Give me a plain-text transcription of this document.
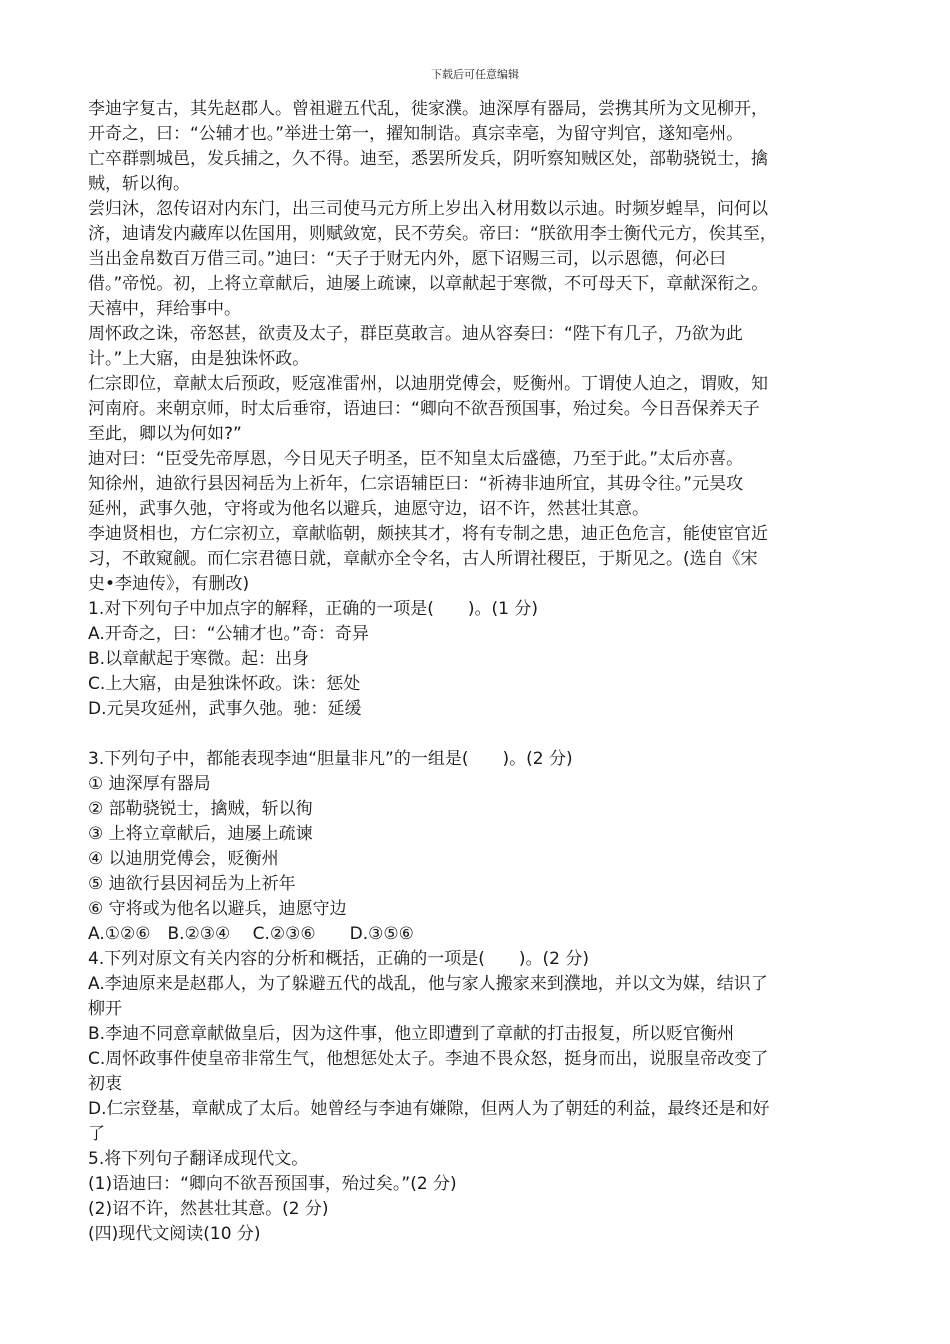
下载后可任意编辑

李迪字复古，其先赵郡人。曾祖避五代乱，徙家濮。迪深厚有器局，尝携其所为文见柳开，

开奇之，曰：“公辅才也。”举进士第一，擢知制诰。真宗幸亳，为留守判官，遂知亳州。

亡卒群剽城邑，发兵捕之，久不得。迪至，悉罢所发兵，阴听察知贼区处，部勒骁锐士，擒

贼，斩以徇。

尝归沐，忽传诏对内东门，出三司使马元方所上岁出入材用数以示迪。时频岁蝗旱，问何以

济，迪请发内藏库以佐国用，则赋敛宽，民不劳矣。帝曰：“朕欲用李士衡代元方，俟其至，

当出金帛数百万借三司。”迪曰：“天子于财无内外，愿下诏赐三司，以示恩德，何必曰

借。”帝悦。初，上将立章献后，迪屡上疏谏，以章献起于寒微，不可母天下，章献深衔之。

天禧中，拜给事中。

周怀政之诛，帝怒甚，欲责及太子，群臣莫敢言。迪从容奏曰：“陛下有几子，乃欲为此

计。”上大寤，由是独诛怀政。

仁宗即位，章献太后预政，贬寇准雷州，以迪朋党傅会，贬衡州。丁谓使人迫之，谓败，知

河南府。来朝京师，时太后垂帘，语迪曰：“卿向不欲吾预国事，殆过矣。今日吾保养天子

至此，卿以为何如?”

迪对曰：“臣受先帝厚恩，今日见天子明圣，臣不知皇太后盛德，乃至于此。”太后亦喜。

知徐州，迪欲行县因祠岳为上祈年，仁宗语辅臣曰：“祈祷非迪所宜，其毋令往。”元昊攻

延州，武事久弛，守将或为他名以避兵，迪愿守边，诏不许，然甚壮其意。

李迪贤相也，方仁宗初立，章献临朝，颇挟其才，将有专制之患，迪正色危言，能使宦官近

习，不敢窥觎。而仁宗君德日就，章献亦全令名，古人所谓社稷臣，于斯见之。(选自《宋

史•李迪传》，有删改)

1.对下列句子中加点字的解释，正确的一项是(　　)。(1 分)

A.开奇之，曰：“公辅才也。”奇：奇异

B.以章献起于寒微。起：出身

C.上大寤，由是独诛怀政。诛：惩处

D.元昊攻延州，武事久弛。驰：延缓

3.下列句子中，都能表现李迪“胆量非凡”的一组是(　　)。(2 分)

① 迪深厚有器局

② 部勒骁锐士，擒贼，斩以徇

③ 上将立章献后，迪屡上疏谏

④ 以迪朋党傅会，贬衡州

⑤ 迪欲行县因祠岳为上祈年

⑥ 守将或为他名以避兵，迪愿守边

A.①②⑥　B.②③④　 C.②③⑥　　D.③⑤⑥

4.下列对原文有关内容的分析和概括，正确的一项是(　　)。(2 分)

A.李迪原来是赵郡人，为了躲避五代的战乱，他与家人搬家来到濮地，并以文为媒，结识了

柳开

B.李迪不同意章献做皇后，因为这件事，他立即遭到了章献的打击报复，所以贬官衡州

C.周怀政事件使皇帝非常生气，他想惩处太子。李迪不畏众怒，挺身而出，说服皇帝改变了

初衷

D.仁宗登基，章献成了太后。她曾经与李迪有嫌隙，但两人为了朝廷的利益，最终还是和好

了

5.将下列句子翻译成现代文。

(1)语迪曰：“卿向不欲吾预国事，殆过矣。”(2 分)

(2)诏不许，然甚壮其意。(2 分)

(四)现代文阅读(10 分)
